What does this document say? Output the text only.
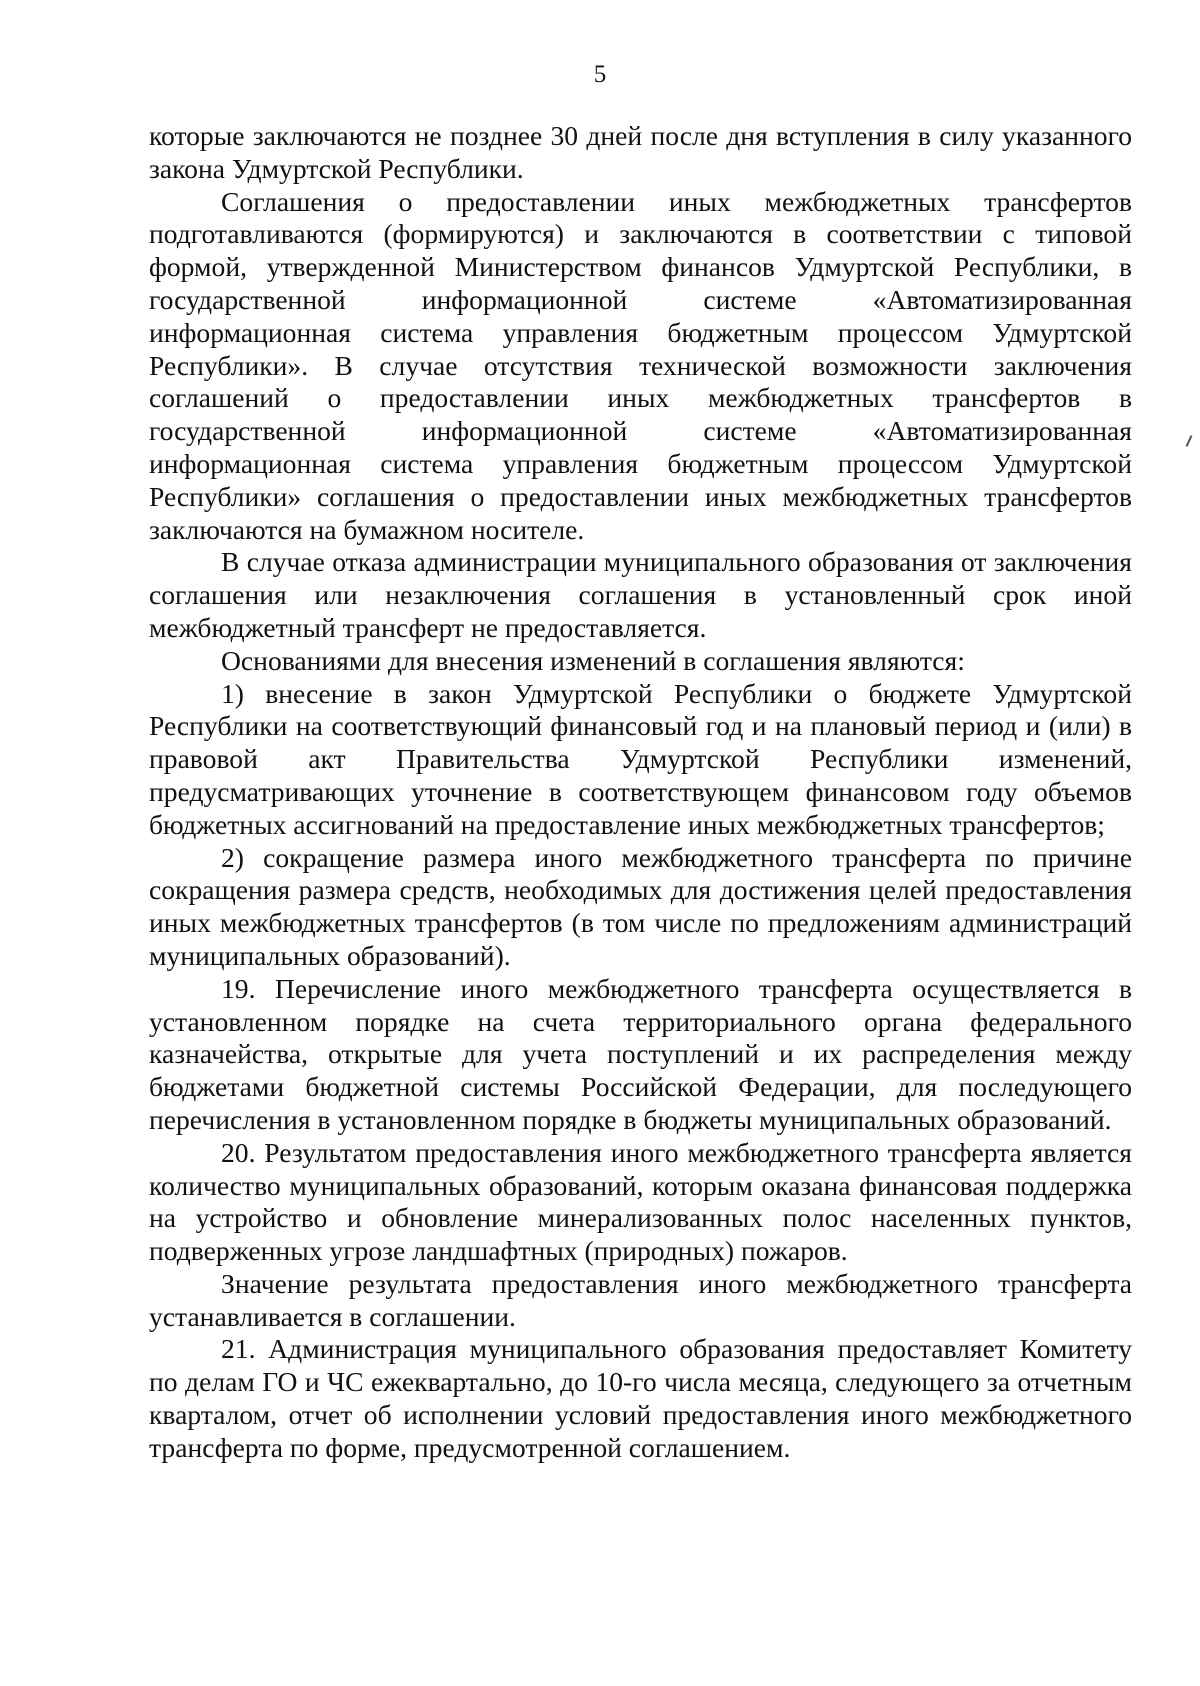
5

которые заключаются не позднее 30 дней после дня вступления в силу указанного закона Удмуртской Республики.

Соглашения о предоставлении иных межбюджетных трансфертов подготавливаются (формируются) и заключаются в соответствии с типовой формой, утвержденной Министерством финансов Удмуртской Республики, в государственной информационной системе «Автоматизированная информационная система управления бюджетным процессом Удмуртской Республики». В случае отсутствия технической возможности заключения соглашений о предоставлении иных межбюджетных трансфертов в государственной информационной системе «Автоматизированная информационная система управления бюджетным процессом Удмуртской Республики» соглашения о предоставлении иных межбюджетных трансфертов заключаются на бумажном носителе.

В случае отказа администрации муниципального образования от заключения соглашения или незаключения соглашения в установленный срок иной межбюджетный трансферт не предоставляется.

Основаниями для внесения изменений в соглашения являются:

1) внесение в закон Удмуртской Республики о бюджете Удмуртской Республики на соответствующий финансовый год и на плановый период и (или) в правовой акт Правительства Удмуртской Республики изменений, предусматривающих уточнение в соответствующем финансовом году объемов бюджетных ассигнований на предоставление иных межбюджетных трансфертов;

2) сокращение размера иного межбюджетного трансферта по причине сокращения размера средств, необходимых для достижения целей предоставления иных межбюджетных трансфертов (в том числе по предложениям администраций муниципальных образований).

19. Перечисление иного межбюджетного трансферта осуществляется в установленном порядке на счета территориального органа федерального казначейства, открытые для учета поступлений и их распределения между бюджетами бюджетной системы Российской Федерации, для последующего перечисления в установленном порядке в бюджеты муниципальных образований.

20. Результатом предоставления иного межбюджетного трансферта является количество муниципальных образований, которым оказана финансовая поддержка на устройство и обновление минерализованных полос населенных пунктов, подверженных угрозе ландшафтных (природных) пожаров.

Значение результата предоставления иного межбюджетного трансферта устанавливается в соглашении.

21. Администрация муниципального образования предоставляет Комитету по делам ГО и ЧС ежеквартально, до 10-го числа месяца, следующего за отчетным кварталом, отчет об исполнении условий предоставления иного межбюджетного трансферта по форме, предусмотренной соглашением.
